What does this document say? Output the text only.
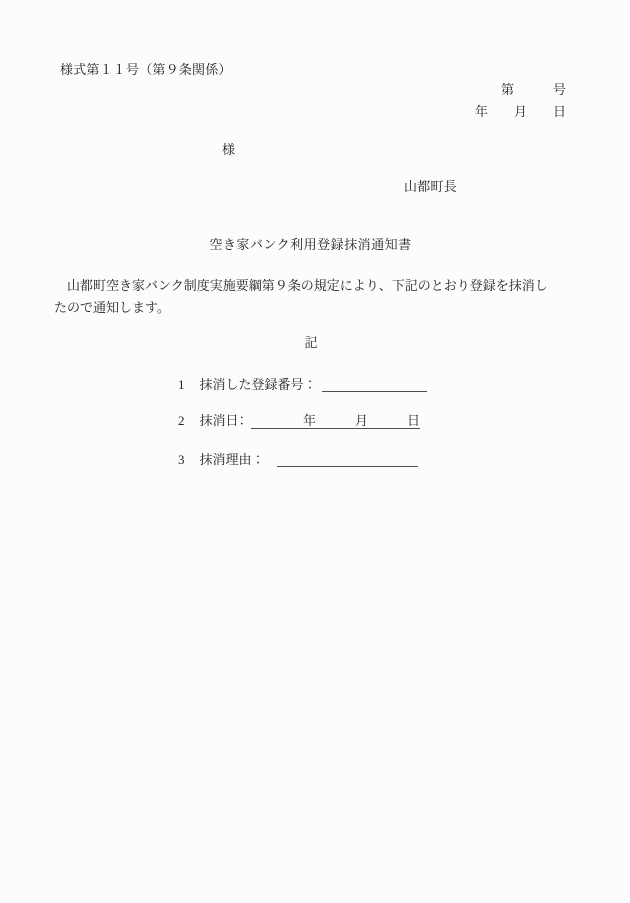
様式第１１号（第９条関係）
第　　　号
年　　月　　日
様
山都町長
空き家バンク利用登録抹消通知書
　山都町空き家バンク制度実施要綱第９条の規定により、下記のとおり登録を抹消し
たので通知します。
記
1 抹消した登録番号：
2 抹消日：　　　　年　　　月　　　日
3 抹消理由：
